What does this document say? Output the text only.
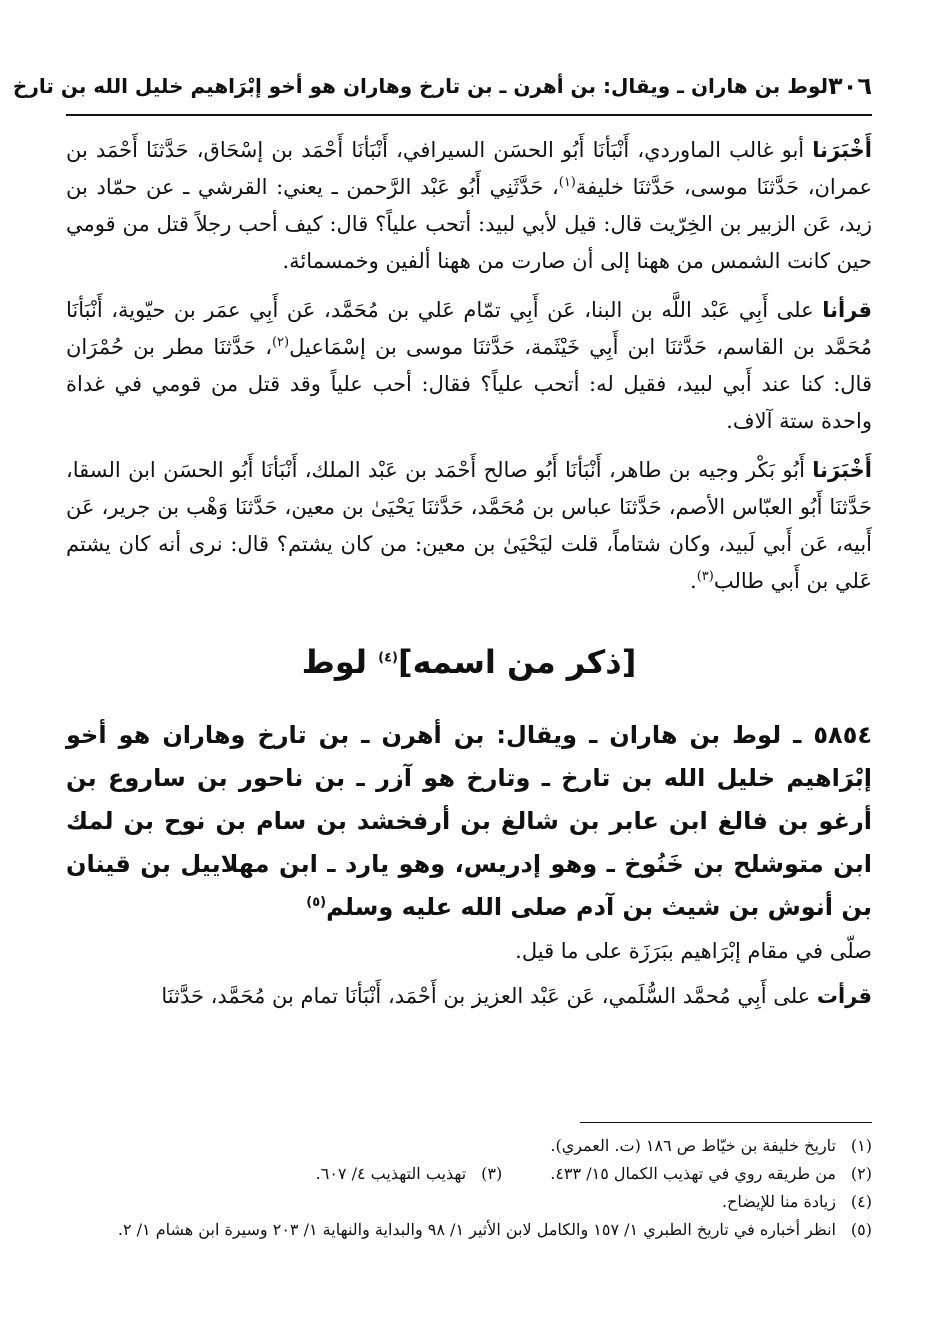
٣٠٦
لوط بن هاران ـ ويقال: بن أهرن ـ بن تارخ وهاران هو أخو إبْرَاهيم خليل الله بن تارخ

أَخْبَرَنا أبو غالب الماوردي، أَنْبَأنَا أَبُو الحسَن السيرافي، أَنْبَأنَا أَحْمَد بن إسْحَاق، حَدَّثنَا أَحْمَد بن عمران، حَدَّثنَا موسى، حَدَّثنَا خليفة$^{(١)}$، حَدَّثَنِي أَبُو عَبْد الرَّحمن ـ يعني: القرشي ـ عن حمّاد بن زيد، عَن الزبير بن الخِرّيت قال: قيل لأبي لبيد: أتحب علياً؟ قال: كيف أحب رجلاً قتل من قومي حين كانت الشمس من ههنا إلى أن صارت من ههنا ألفين وخمسمائة.

قرأنا على أَبِي عَبْد اللَّه بن البنا، عَن أَبِي تمّام عَلي بن مُحَمَّد، عَن أَبِي عمَر بن حيّوية، أَنْبَأنَا مُحَمَّد بن القاسم، حَدَّثنَا ابن أَبِي خَيْثَمة، حَدَّثنَا موسى بن إسْمَاعيل$^{(٢)}$، حَدَّثنَا مطر بن حُمْرَان قال: كنا عند أَبي لبيد، فقيل له: أتحب علياً؟ فقال: أحب علياً وقد قتل من قومي في غداة واحدة ستة آلاف.

أَخْبَرَنا أَبُو بَكْر وجيه بن طاهر، أَنْبَأنَا أَبُو صالح أَحْمَد بن عَبْد الملك، أَنْبَأنَا أَبُو الحسَن ابن السقا، حَدَّثنَا أَبُو العبّاس الأصم، حَدَّثنَا عباس بن مُحَمَّد، حَدَّثنَا يَحْيَىٰ بن معين، حَدَّثنَا وَهْب بن جرير، عَن أَبيه، عَن أَبي لَبيد، وكان شتاماً، قلت ليَحْيَىٰ بن معين: من كان يشتم؟ قال: نرى أنه كان يشتم عَلي بن أَبي طالب$^{(٣)}$.

[ذكر من اسمه]$^{(٤)}$ لوط
٥٨٥٤ ـ لوط بن هاران ـ ويقال: بن أهرن ـ بن تارخ وهاران هو أخو إبْرَاهيم خليل الله بن تارخ ـ وتارخ هو آزر ـ بن ناحور بن ساروع بن أرغو بن فالغ ابن عابر بن شالغ بن أرفخشد بن سام بن نوح بن لمك ابن متوشلح بن خَنُوخ ـ وهو إدريس، وهو يارد ـ ابن مهلاييل بن قينان بن أنوش بن شيث بن آدم صلى الله عليه وسلم$^{(٥)}$

صلّى في مقام إبْرَاهيم ببَرَزَة على ما قيل.

قرأت على أَبِي مُحمَّد السُّلَمي، عَن عَبْد العزيز بن أَحْمَد، أَنْبَأنَا تمام بن مُحَمَّد، حَدَّثنَا

(١)
تاريخ خليفة بن خيّاط ص ١٨٦ (ت. العمري).
(٢)
من طريقه روي في تهذيب الكمال ١٥/ ٤٣٣.
(٣)
تهذيب التهذيب ٤/ ٦٠٧.
(٤)
زيادة منا للإيضاح.
(٥)
انظر أخباره في تاريخ الطبري ١/ ١٥٧ والكامل لابن الأثير ١/ ٩٨ والبداية والنهاية ١/ ٢٠٣ وسيرة ابن هشام ١/ ٢.
